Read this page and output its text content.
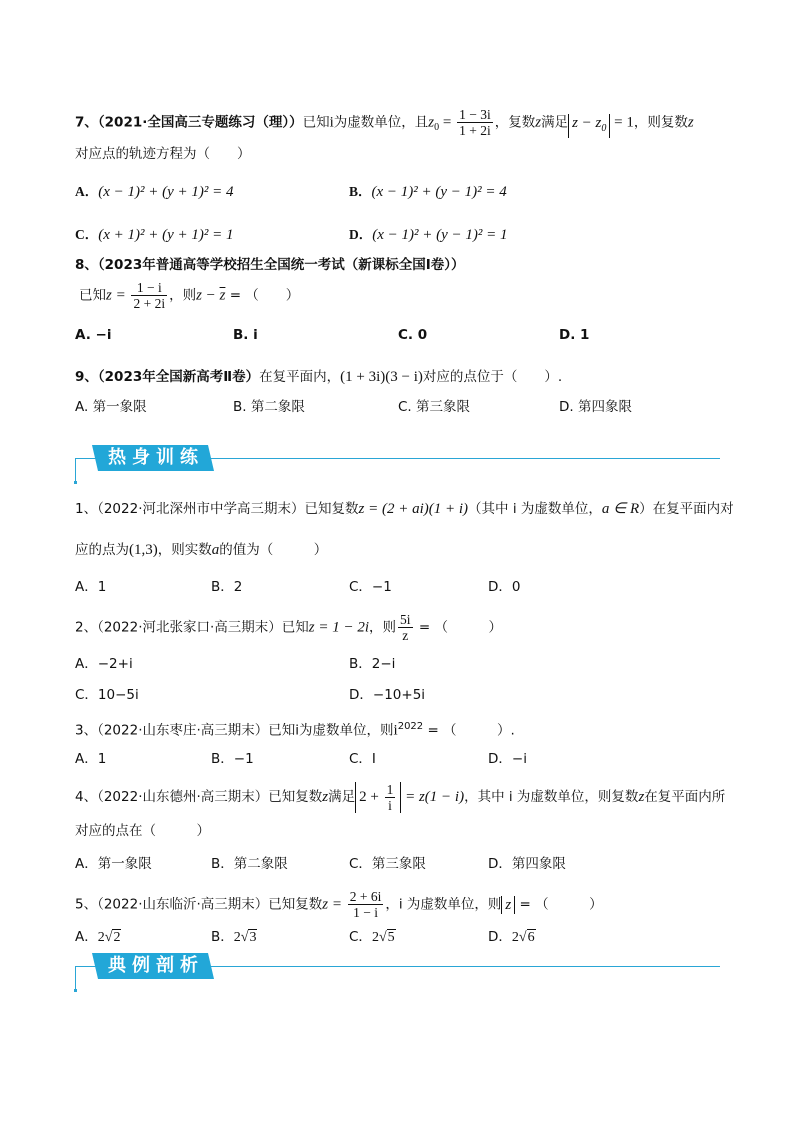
7、（2021·全国高三专题练习（理））已知i为虚数单位，且$z_0 = \frac{1 - 3i}{1 + 2i}$ ，复数z满足 $z - z_0 = 1$，则复数z
对应点的轨迹方程为（　　）
A．(x − 1)² + (y + 1)² = 4	B．(x − 1)² + (y − 1)² = 4
C．(x + 1)² + (y + 1)² = 1	D．(x − 1)² + (y − 1)² = 1
8、（2023年普通高等学校招生全国统一考试（新课标全国Ⅰ卷））
已知$z = \frac{1 - i}{2 + 2i}$ ，则$z - \overline{z}$ = （　　）
A. −i	B. i	C. 0	D. 1
9、（2023年全国新高考Ⅱ卷）在复平面内，(1 + 3i)(3 − i)对应的点位于（　　）.
A. 第一象限	B. 第二象限	C. 第三象限	D. 第四象限
热身训练
1、（2022·河北深州市中学高三期末）已知复数z = (2 + ai)(1 + i)（其中 i 为虚数单位，a ∈ R）在复平面内对
应的点为(1,3)，则实数a的值为（　　　）
A．1	B．2	C．−1	D．0
2、（2022·河北张家口·高三期末）已知z = 1 − 2i，则 $\frac{5i}{z}$ = （　　　）
A．−2+i	B．2−i
C．10−5i	D．−10+5i
3、（2022·山东枣庄·高三期末）已知i为虚数单位，则$i^{2022}$ = （　　　）.
A．1	B．−1	C．I	D．−i
4、（2022·山东德州·高三期末）已知复数z满足 $2 + \frac{1}{i} = z(1 - i)$，其中 i 为虚数单位，则复数z在复平面内所
对应的点在（　　　）
A．第一象限	B．第二象限	C．第三象限	D．第四象限
5、（2022·山东临沂·高三期末）已知复数$z = \frac{2 + 6i}{1 - i}$ ，i 为虚数单位，则 z = （　　　）
A．2√2	B．2√3	C．2√5	D．2√6
典例剖析
